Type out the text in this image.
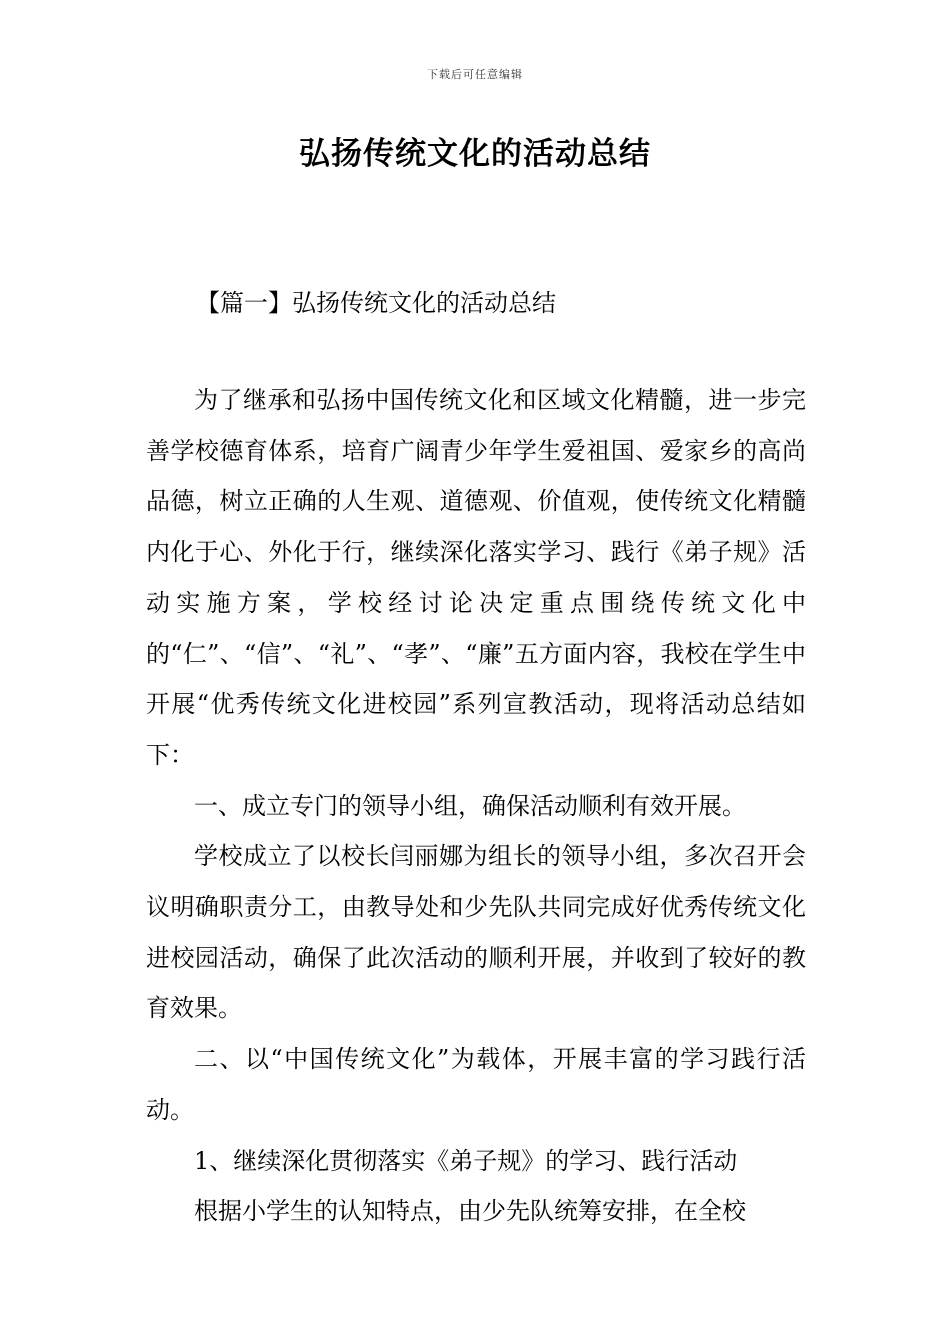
下载后可任意编辑
弘扬传统文化的活动总结
【篇一】弘扬传统文化的活动总结

为了继承和弘扬中国传统文化和区域文化精髓，进一步完善学校德育体系，培育广阔青少年学生爱祖国、爱家乡的高尚品德，树立正确的人生观、道德观、价值观，使传统文化精髓内化于心、外化于行，继续深化落实学习、践行《弟子规》活动实施方案，学校经讨论决定重点围绕传统文化中的“仁”、“信”、“礼”、“孝”、“廉”五方面内容，我校在学生中开展“优秀传统文化进校园”系列宣教活动，现将活动总结如下：

一、成立专门的领导小组，确保活动顺利有效开展。

学校成立了以校长闫丽娜为组长的领导小组，多次召开会议明确职责分工，由教导处和少先队共同完成好优秀传统文化进校园活动，确保了此次活动的顺利开展，并收到了较好的教育效果。

二、以“中国传统文化”为载体，开展丰富的学习践行活动。

1、继续深化贯彻落实《弟子规》的学习、践行活动

根据小学生的认知特点，由少先队统筹安排，在全校
